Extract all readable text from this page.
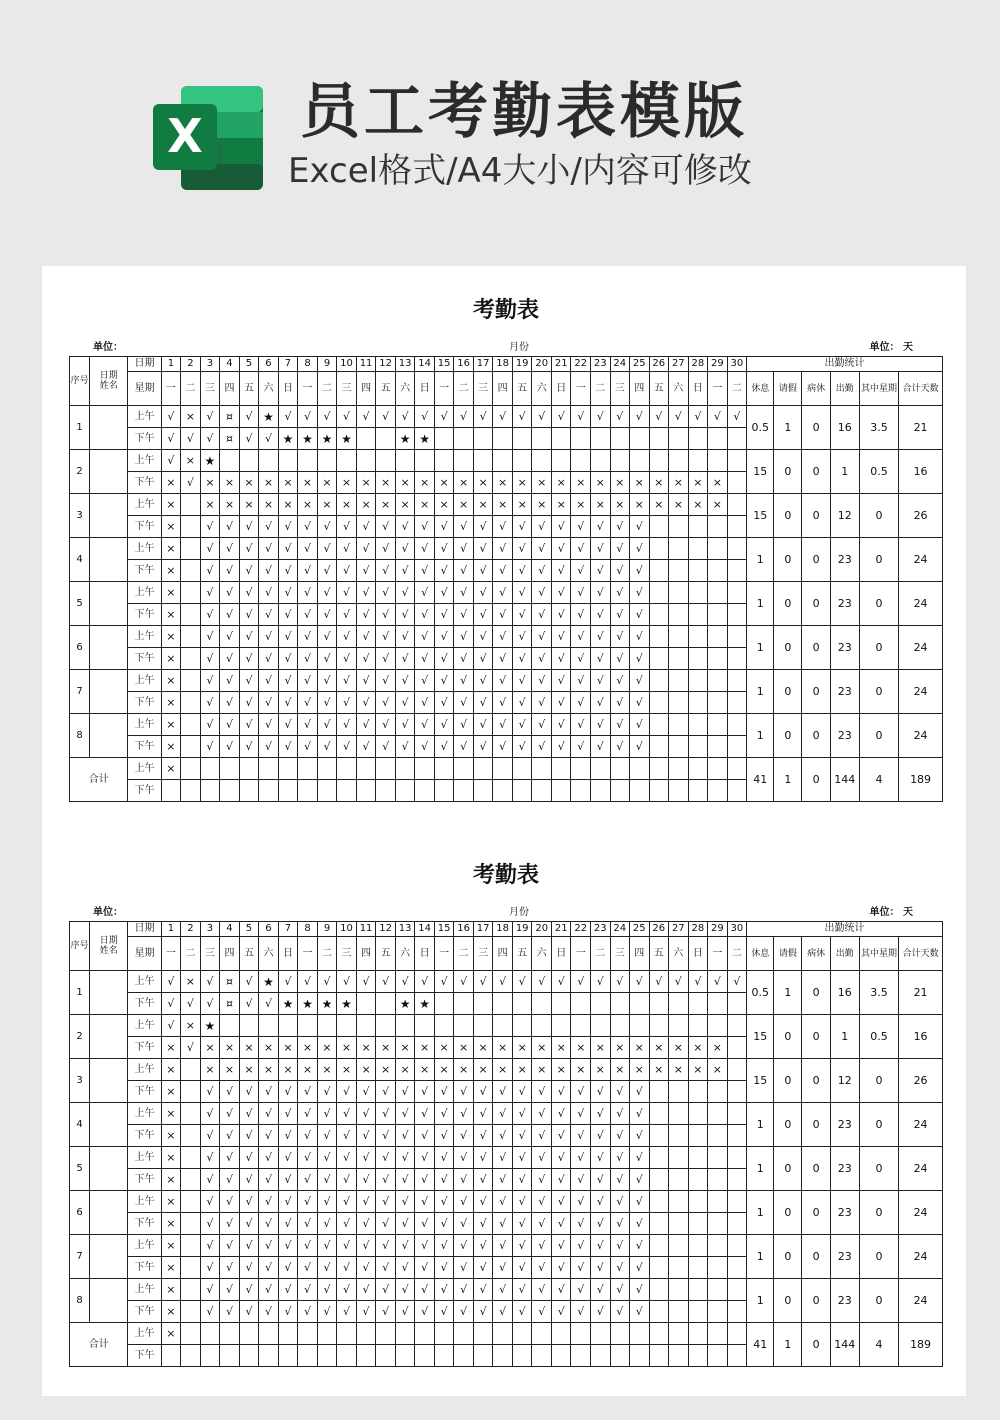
X 员工考勤表模版
Excel格式/A4大小/内容可修改
考勤表
单位：	月份	单位： 天
序号	日期
姓名	日期	1	2	3	4	5	6	7	8	9	10	11	12	13	14	15	16	17	18	19	20	21	22	23	24	25	26	27	28	29	30	出勤统计					
		星期	一	二	三	四	五	六	日	一	二	三	四	五	六	日	一	二	三	四	五	六	日	一	二	三	四	五	六	日	一	二	休息	请假	病休	出勤	其中星期	合计天数
1		上午	√	×	√	¤	√	★	√	√	√	√	√	√	√	√	√	√	√	√	√	√	√	√	√	√	√	√	√	√	√	√	0.5	1	0	16	3.5	21
		下午	√	√	√	¤	√	√	★	★	★	★			★	★																						
2		上午	√	×	★																												15	0	0	1	0.5	16
		下午	×	√	×	×	×	×	×	×	×	×	×	×	×	×	×	×	×	×	×	×	×	×	×	×	×	×	×	×	×							
3		上午	×		×	×	×	×	×	×	×	×	×	×	×	×	×	×	×	×	×	×	×	×	×	×	×	×	×	×	×		15	0	0	12	0	26
		下午	×		√	√	√	√	√	√	√	√	√	√	√	√	√	√	√	√	√	√	√	√	√	√	√											
4		上午	×		√	√	√	√	√	√	√	√	√	√	√	√	√	√	√	√	√	√	√	√	√	√	√						1	0	0	23	0	24
		下午	×		√	√	√	√	√	√	√	√	√	√	√	√	√	√	√	√	√	√	√	√	√	√	√											
5		上午	×		√	√	√	√	√	√	√	√	√	√	√	√	√	√	√	√	√	√	√	√	√	√	√						1	0	0	23	0	24
		下午	×		√	√	√	√	√	√	√	√	√	√	√	√	√	√	√	√	√	√	√	√	√	√	√											
6		上午	×		√	√	√	√	√	√	√	√	√	√	√	√	√	√	√	√	√	√	√	√	√	√	√						1	0	0	23	0	24
		下午	×		√	√	√	√	√	√	√	√	√	√	√	√	√	√	√	√	√	√	√	√	√	√	√											
7		上午	×		√	√	√	√	√	√	√	√	√	√	√	√	√	√	√	√	√	√	√	√	√	√	√						1	0	0	23	0	24
		下午	×		√	√	√	√	√	√	√	√	√	√	√	√	√	√	√	√	√	√	√	√	√	√	√											
8		上午	×		√	√	√	√	√	√	√	√	√	√	√	√	√	√	√	√	√	√	√	√	√	√	√						1	0	0	23	0	24
		下午	×		√	√	√	√	√	√	√	√	√	√	√	√	√	√	√	√	√	√	√	√	√	√	√											
合计		上午	×																														41	1	0	144	4	189
		下午																																				
考勤表
单位：	月份	单位： 天
序号	日期
姓名	日期	1	2	3	4	5	6	7	8	9	10	11	12	13	14	15	16	17	18	19	20	21	22	23	24	25	26	27	28	29	30	出勤统计					
		星期	一	二	三	四	五	六	日	一	二	三	四	五	六	日	一	二	三	四	五	六	日	一	二	三	四	五	六	日	一	二	休息	请假	病休	出勤	其中星期	合计天数
1		上午	√	×	√	¤	√	★	√	√	√	√	√	√	√	√	√	√	√	√	√	√	√	√	√	√	√	√	√	√	√	√	0.5	1	0	16	3.5	21
		下午	√	√	√	¤	√	√	★	★	★	★			★	★																						
2		上午	√	×	★																												15	0	0	1	0.5	16
		下午	×	√	×	×	×	×	×	×	×	×	×	×	×	×	×	×	×	×	×	×	×	×	×	×	×	×	×	×	×							
3		上午	×		×	×	×	×	×	×	×	×	×	×	×	×	×	×	×	×	×	×	×	×	×	×	×	×	×	×	×		15	0	0	12	0	26
		下午	×		√	√	√	√	√	√	√	√	√	√	√	√	√	√	√	√	√	√	√	√	√	√	√											
4		上午	×		√	√	√	√	√	√	√	√	√	√	√	√	√	√	√	√	√	√	√	√	√	√	√						1	0	0	23	0	24
		下午	×		√	√	√	√	√	√	√	√	√	√	√	√	√	√	√	√	√	√	√	√	√	√	√											
5		上午	×		√	√	√	√	√	√	√	√	√	√	√	√	√	√	√	√	√	√	√	√	√	√	√						1	0	0	23	0	24
		下午	×		√	√	√	√	√	√	√	√	√	√	√	√	√	√	√	√	√	√	√	√	√	√	√											
6		上午	×		√	√	√	√	√	√	√	√	√	√	√	√	√	√	√	√	√	√	√	√	√	√	√						1	0	0	23	0	24
		下午	×		√	√	√	√	√	√	√	√	√	√	√	√	√	√	√	√	√	√	√	√	√	√	√											
7		上午	×		√	√	√	√	√	√	√	√	√	√	√	√	√	√	√	√	√	√	√	√	√	√	√						1	0	0	23	0	24
		下午	×		√	√	√	√	√	√	√	√	√	√	√	√	√	√	√	√	√	√	√	√	√	√	√											
8		上午	×		√	√	√	√	√	√	√	√	√	√	√	√	√	√	√	√	√	√	√	√	√	√	√						1	0	0	23	0	24
		下午	×		√	√	√	√	√	√	√	√	√	√	√	√	√	√	√	√	√	√	√	√	√	√	√											
合计		上午	×																														41	1	0	144	4	189
		下午																																				
